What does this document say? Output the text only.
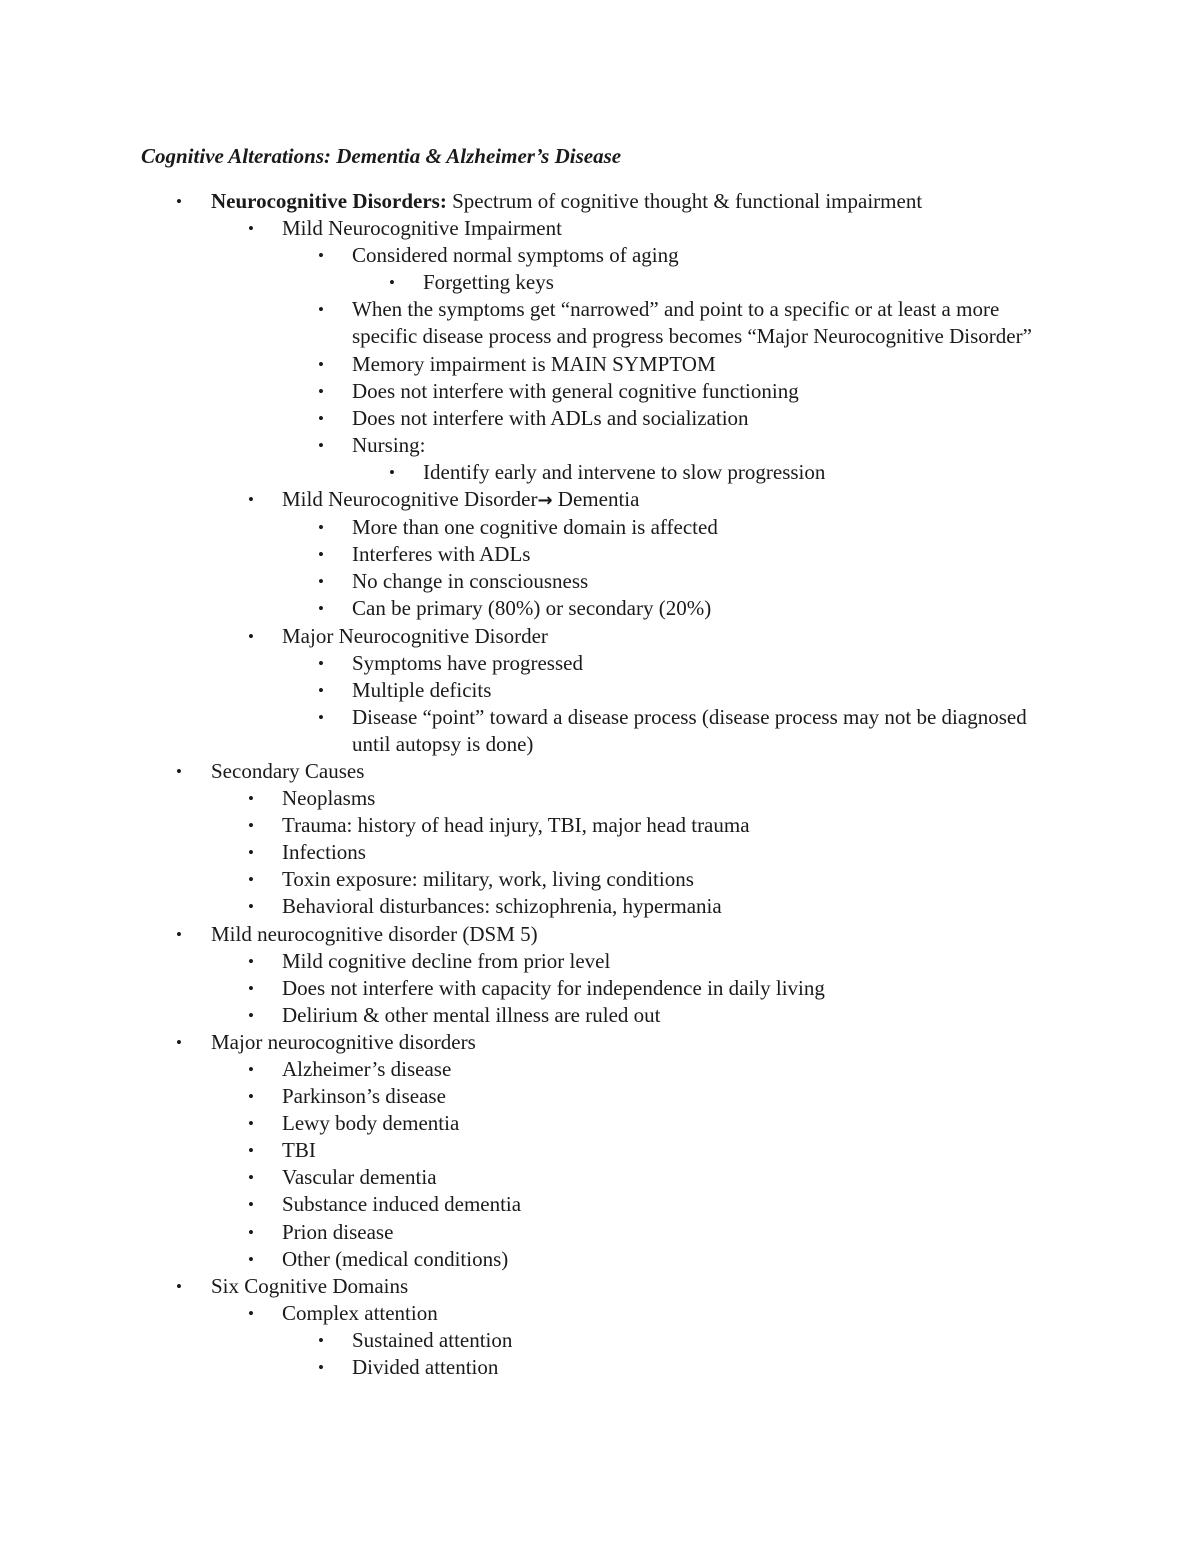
Cognitive Alterations: Dementia & Alzheimer’s Disease
• Neurocognitive Disorders: Spectrum of cognitive thought & functional impairment
• Mild Neurocognitive Impairment
• Considered normal symptoms of aging
• Forgetting keys
• When the symptoms get “narrowed” and point to a specific or at least a more specific disease process and progress becomes “Major Neurocognitive Disorder”
• Memory impairment is MAIN SYMPTOM
• Does not interfere with general cognitive functioning
• Does not interfere with ADLs and socialization
• Nursing:
• Identify early and intervene to slow progression
• Mild Neurocognitive Disorder→ Dementia
• More than one cognitive domain is affected
• Interferes with ADLs
• No change in consciousness
• Can be primary (80%) or secondary (20%)
• Major Neurocognitive Disorder
• Symptoms have progressed
• Multiple deficits
• Disease “point” toward a disease process (disease process may not be diagnosed until autopsy is done)
• Secondary Causes
• Neoplasms
• Trauma: history of head injury, TBI, major head trauma
• Infections
• Toxin exposure: military, work, living conditions
• Behavioral disturbances: schizophrenia, hypermania
• Mild neurocognitive disorder (DSM 5)
• Mild cognitive decline from prior level
• Does not interfere with capacity for independence in daily living
• Delirium & other mental illness are ruled out
• Major neurocognitive disorders
• Alzheimer’s disease
• Parkinson’s disease
• Lewy body dementia
• TBI
• Vascular dementia
• Substance induced dementia
• Prion disease
• Other (medical conditions)
• Six Cognitive Domains
• Complex attention
• Sustained attention
• Divided attention
